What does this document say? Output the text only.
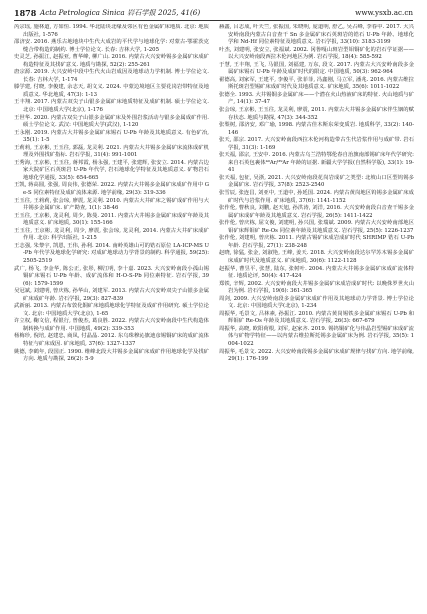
1878 Acta Petrologica Sinica 岩石学报 2025, 41(6)	www.ysxb.ac.cn

芮宗瑶, 施林道, 方如恒. 1994. 华北陆块北缘及邻区有色金属矿床地质. 北京: 地质出版社, 1-576

邵济安. 2016. 燕乐古地地块中生代大成岩的平代学与地球化学: 对蒙古-鄂霍茨克缝合带构造的制约. 博士学位论文. 长春: 吉林大学, 1-205

史灵芝, 孙振江, 赵振亚, 曹华峰, 柳广山. 2016. 内蒙古大兴安岭锡多金属矿床成矿构造特征及其找矿意义. 地质与勘探, 52(2): 255-261

唐宗源. 2019. 大兴安岭中段中生代火山岩成因及地球动力学机制. 博士学位论文. 长春: 吉林大学, 1-174

滕学建, 付晓, 李俊建, 余志天, 胡文义. 2024. 中蒙边境地区主要花岗岩带特征及地质意义. 华北地质, 47(3): 1-13

王丰翔. 2017. 内蒙古双尖子山银多金属矿床地质特征及成矿机制. 硕士学位论文. 北京: 中国地质大学(北京), 1-176

王世华. 2020. 内蒙古双尖子山银多金属矿床及外围岩浆活动与银多金属成矿作用. 硕士学位论文. 武汉: 中国地质大学(武汉), 1-120

王永刚. 2019. 内蒙古大井锡多金属矿床锡石 U-Pb 年龄及其地质意义. 有色矿冶, 35(1): 1-5

王莉莉, 王京彬, 王玉往, 郭磊, 龙灵利. 2021. 内蒙古大井锡多金属矿床流体成矿机理及外围找矿指标. 岩石学报, 31(4): 991-1001

王秀海, 王京彬, 王玉往, 蒋邦霞, 杨永强, 王建平, 张建辉, 张安立. 2014. 内蒙古边家大院矿区石英斑岩 U-Pb 年代学, 岩石地球化学特征及其地质意义. 矿物岩石地球化学通报, 33(5): 654-665

王凯, 蒋高圆, 张强, 周良伟, 张德荣. 2022. 内蒙古大井锡多金属矿床成矿作用中 Ge-S 同位素特征及成矿流体来源. 地学前缘, 29(3): 319-336

王玉往, 王莉莉, 张会琼, 廖震, 龙灵利. 2010. 内蒙古大井矿床之锡矿成矿作用与大井锡多金属矿床. 矿产勘查, 1(1): 38-46

王玉往, 王京彬, 龙灵利, 周少, 陈曼. 2011. 内蒙古大井锡多金属矿床成矿年龄及其地质意义. 矿床地质, 30(1): 155-166

王玉往, 王京彬, 龙灵利, 周少, 廖震, 张会琼, 龙灵利, 2014. 内蒙古大井矿床成矿作用. 北京: 科学出版社, 1-215

王志强, 朱黎宇, 凯恩, 王伟, 孙利. 2014. 南岭英雄山可的锆石原位 LA-ICP-MS U-Pb 年代学及地球化学研究: 对成矿地球动力学背景的制约. 科学通报, 59(25): 2505-2519

武广, 杨飞, 李金华, 陈公正, 张彤, 柳江明, 李十嘉. 2023. 大兴安岭南段小孤山锡铜矿床锡石 U-Pb 年龄、成矿流体和 H-O-S-Pb 同位素特征. 岩石学报, 39(6): 1579-1599

吴冠斌, 刘建明, 曾庆栋, 孙华山, 刘建军. 2013. 内蒙古大兴安岭双尖子山银多金属矿床成矿年龄. 岩石学报, 29(3): 827-839

武新丽. 2013. 内蒙古布敦化铜矿床地质地球化学特征及成矿作用研究. 硕士学位论文. 北京: 中国地质大学(北京), 1-65

许立权, 鞠文信, 程银行, 曾俊杰, 葛良胜. 2022. 内蒙古大兴安岭南段中生代构造体制转换与成矿作用. 中国地质, 49(2): 339-353

杨梅珍, 倪培, 赵建忠, 商凤, 付晶晶. 2012. 东乌珠穆沁旗迪彦锡铜矿床的成矿流体特征与矿床成因. 矿床地质, 37(6): 1327-1337

姚德, 李鹤年, 段国正. 1990. 维峰北段大井锡多金属矿床成矿作用地球化学及找矿方向. 地质与勘探, 26(2): 5-9

赫鑫, 吕志成, 叶天竺, 张振国, 朱晓明, 庞道明, 舒乙, 吴占峰, 李春中. 2017. 大兴安岭南段内蒙古白音查干 Sn 多金属矿床石英斑岩的锆石 U-Pb 年龄、地球化学和 Nd-Hf 同位素特征及地质意义. 岩石学报, 33(10): 3183-3199

叶杰, 刘建明, 张安立, 张福斌. 2002. 冈鲁嘎山斑岩型钼铜矿化的岩石学证据——以大兴安岭南段西拉木伦河地区为例. 岩石学报, 18(4): 585-592

于慧, 王丰翔, 王飞, 马银国, 刘福建, 万东, 段文. 2017. 内蒙古大兴安岭南段多金属矿床锡石 U-Pb 年龄及成矿时代的限定. 中国地质, 50(3): 962-964

翟德高, 刘家军, 王建平, 李俊平, 张菲菲, 冯鑫刚, 马立军, 潘兆. 2016. 内蒙古维拉斯托斑岩型锡矿床成矿时代及其地质意义. 矿床地质, 35(6): 1011-1022

张德全. 1993. 大井锡铜多金属矿床——个潜在火山热液矿床的特征. 火山地质与矿产, 14(1): 37-47

张会琼, 王京彬, 王玉往, 龙灵利, 廖震, 2011. 内蒙古大井锡多金属矿床伴生铟的赋存状态. 地质与勘探, 47(3): 344-352

张梨树, 邵济安, 邓广瑜, 1998. 内蒙古佳木斯东荣变质岩. 地质科学, 33(2): 140-146

张天, 邵宗. 2017. 大兴安岭南段西拉木伦河构造带古生代岩浆作用与成矿带. 岩石学报, 31(3): 1-169

张天福, 邵宗, 王安中. 2016. 内蒙古乌兰浩特鄂伦春自治旗南部锡矿床年代学研究: 来自石英包裹体⁴⁰Ar/³⁹Ar 年龄的证据. 新疆大学学报(自然科学版), 33(1): 19-41

张天福, 包征, 吴浙, 2021. 大兴安岭南段花岗岩成矿之类型: 北坡山口区型钨锡多金属矿床. 岩石学报, 37(8): 2523-2540

张雪辰, 张连昌, 刘亚中, 王道中, 孙延国. 2024. 内蒙古黄岗地区钨锡多金属矿床成矿时代与岩浆作用. 矿床地质, 37(6): 1141-1152

张作伦, 曹秋良, 刘鹏, 赵天旭, 孙洪涛, 刘洋, 2016. 大兴安岭南段白音查干锡多金属矿床成矿年龄及其地质意义. 岩石学报, 26(5): 1411-1422

张作伦, 曾庆栋, 屈文俊, 刘建明, 孙兴国, 张瑞斌. 2009. 内蒙古大兴安岭南部地区钼矿床辉钼矿 Re-Os 同位素年龄及其地质意义. 岩石学报, 25(5): 1226-1237

张作伦, 刘建明, 曾庆栋. 2011. 内蒙古锡矿床成岩成矿时代 SHRIMP 锆石 U-Pb 年龄. 岩石学报, 27(1): 238-248

赵晓, 徐猛, 张金, 刘淑艳, 王峰, 姜天. 2018. 大兴安岭南段达尔罕苏木锡多金属矿床成矿时代及地质意义. 矿床地质, 30(6): 1122-1128

赵振华, 曹昱平, 张慧, 陆东, 张树叶. 2004. 内蒙古大井锡多金属矿床成矿流体特征. 地质论评, 50(4): 417-424

郑铁, 辛辉, 2002. 大兴安岭南段大井锡多金属矿床成岩成矿时代: 以晚侏罗世火山岩为例. 岩石学报, 19(6): 361-365

周剑, 2009. 大兴安岭南段多金属矿床成矿作用及其地球动力学背景. 博士学位论文. 北京: 中国地质大学(北京), 1-234

周振华, 毛景文, 吕林素, 孙振江. 2010. 内蒙古黄岗锡铁多金属矿床锡石 U-Pb 和辉钼矿 Re-Os 年龄及其地质意义. 岩石学报, 26(3): 667-679

周振华, 高晓, 欧阳荷根, 刘军, 赵家齐. 2019. 锡钨铜矿化与伟晶岩型锡矿床成矿流体与矿物学特征——以内蒙古维拉斯托锡多金属矿床为例. 岩石学报, 35(5): 1004-1022

周振华, 毛景文. 2022. 大兴安岭南段锡多金属矿床成矿规律与找矿方向. 地学前缘, 29(1): 176-199
